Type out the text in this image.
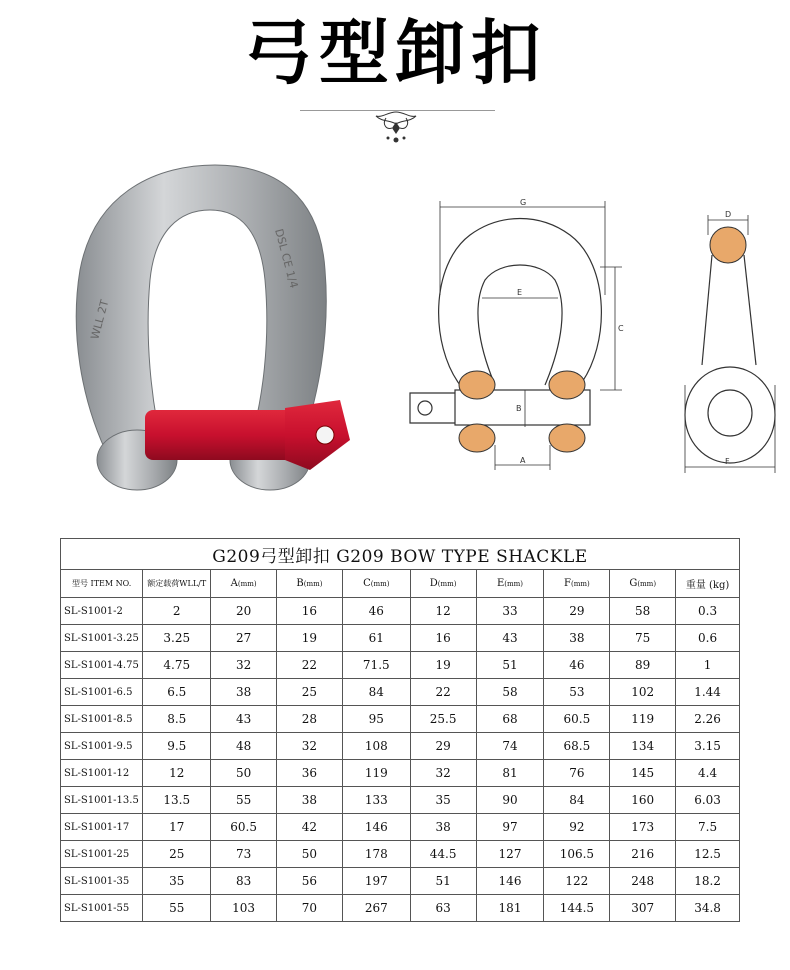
弓型卸扣
WLL 2T
DSL CE 1/4
G
E
C
B
A
D
F
G209弓型卸扣 G209 BOW TYPE SHACKLE									
型号 ITEM NO.	额定载荷WLL/T	A(mm)	B(mm)	C(mm)	D(mm)	E(mm)	F(mm)	G(mm)	重量 (kg)
SL-S1001-2	2	20	16	46	12	33	29	58	0.3
SL-S1001-3.25	3.25	27	19	61	16	43	38	75	0.6
SL-S1001-4.75	4.75	32	22	71.5	19	51	46	89	1
SL-S1001-6.5	6.5	38	25	84	22	58	53	102	1.44
SL-S1001-8.5	8.5	43	28	95	25.5	68	60.5	119	2.26
SL-S1001-9.5	9.5	48	32	108	29	74	68.5	134	3.15
SL-S1001-12	12	50	36	119	32	81	76	145	4.4
SL-S1001-13.5	13.5	55	38	133	35	90	84	160	6.03
SL-S1001-17	17	60.5	42	146	38	97	92	173	7.5
SL-S1001-25	25	73	50	178	44.5	127	106.5	216	12.5
SL-S1001-35	35	83	56	197	51	146	122	248	18.2
SL-S1001-55	55	103	70	267	63	181	144.5	307	34.8
